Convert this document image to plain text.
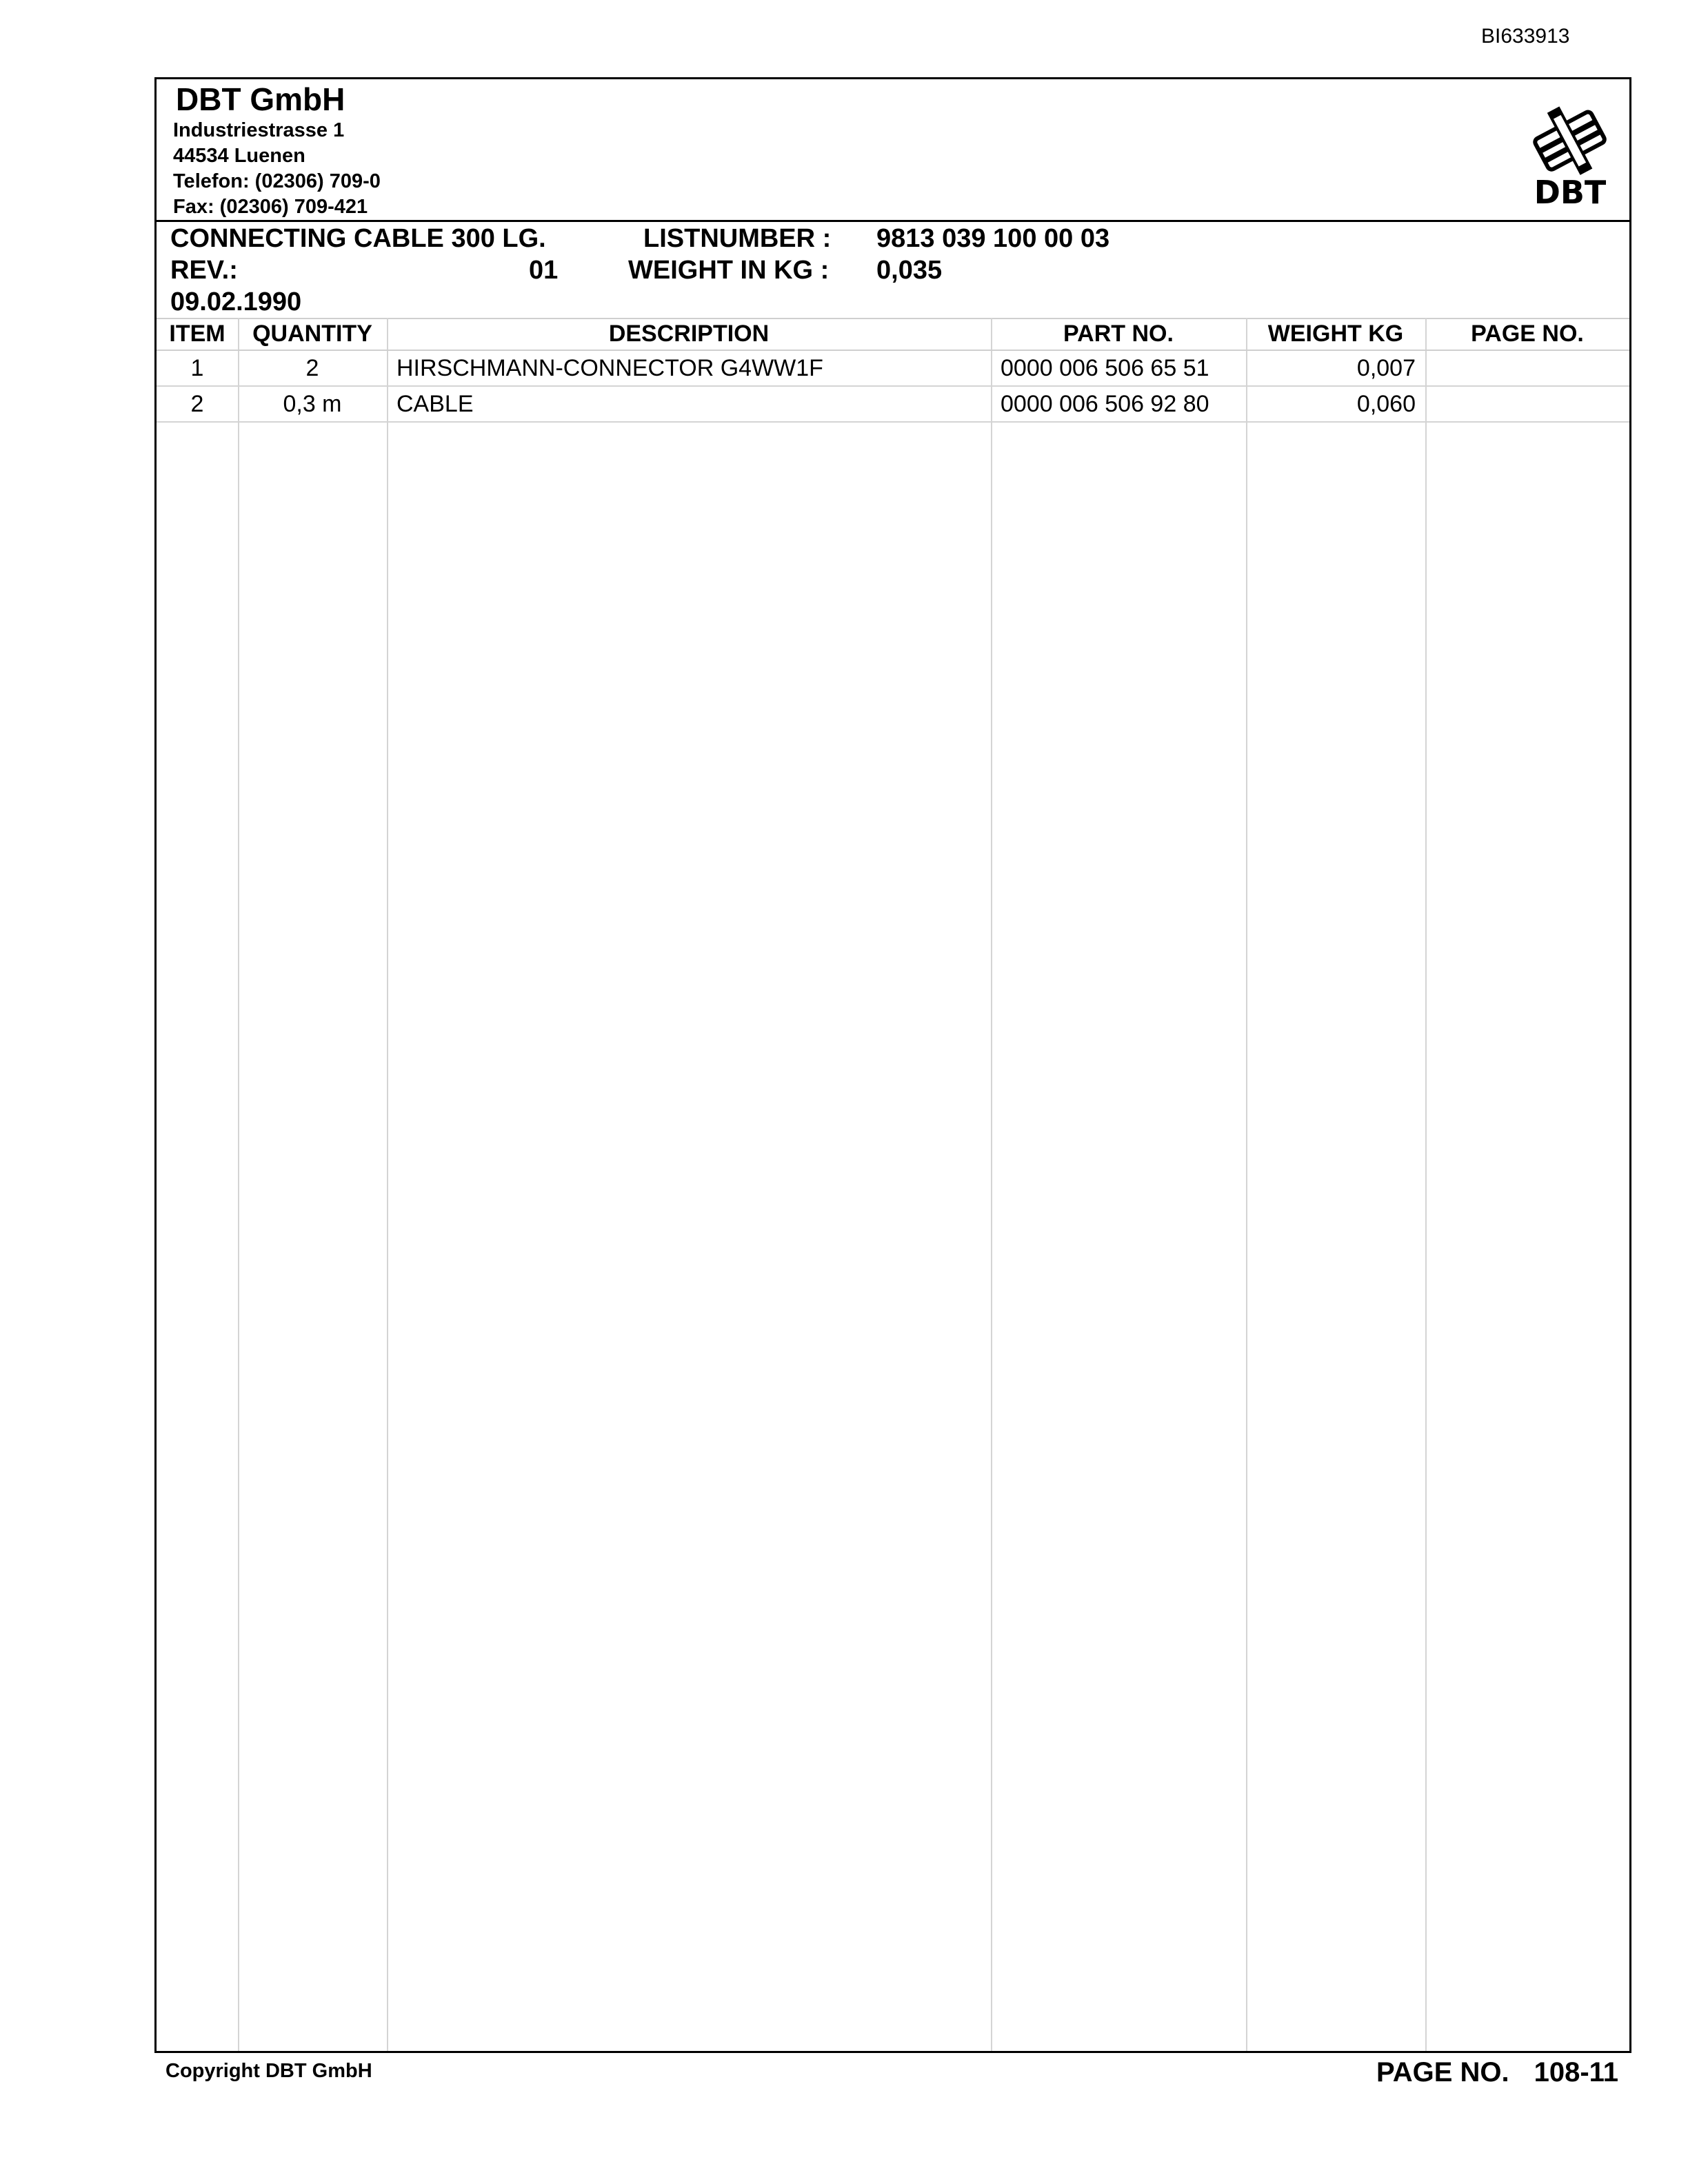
BI633913
DBT GmbH
Industriestrasse 1
44534 Luenen
Telefon: (02306) 709-0
Fax: (02306) 709-421	DBT
CONNECTING CABLE 300 LG.
REV.:	01
09.02.1990
LISTNUMBER : 9813 039 100 00 03
WEIGHT IN KG : 0,035
ITEM	QUANTITY	DESCRIPTION	PART NO.	WEIGHT KG	PAGE NO.
1	2	HIRSCHMANN-CONNECTOR G4WW1F	0000 006 506 65 51	0,007	
2	0,3 m	CABLE	0000 006 506 92 80	0,060	
Copyright DBT GmbH	PAGE NO. 108-11
